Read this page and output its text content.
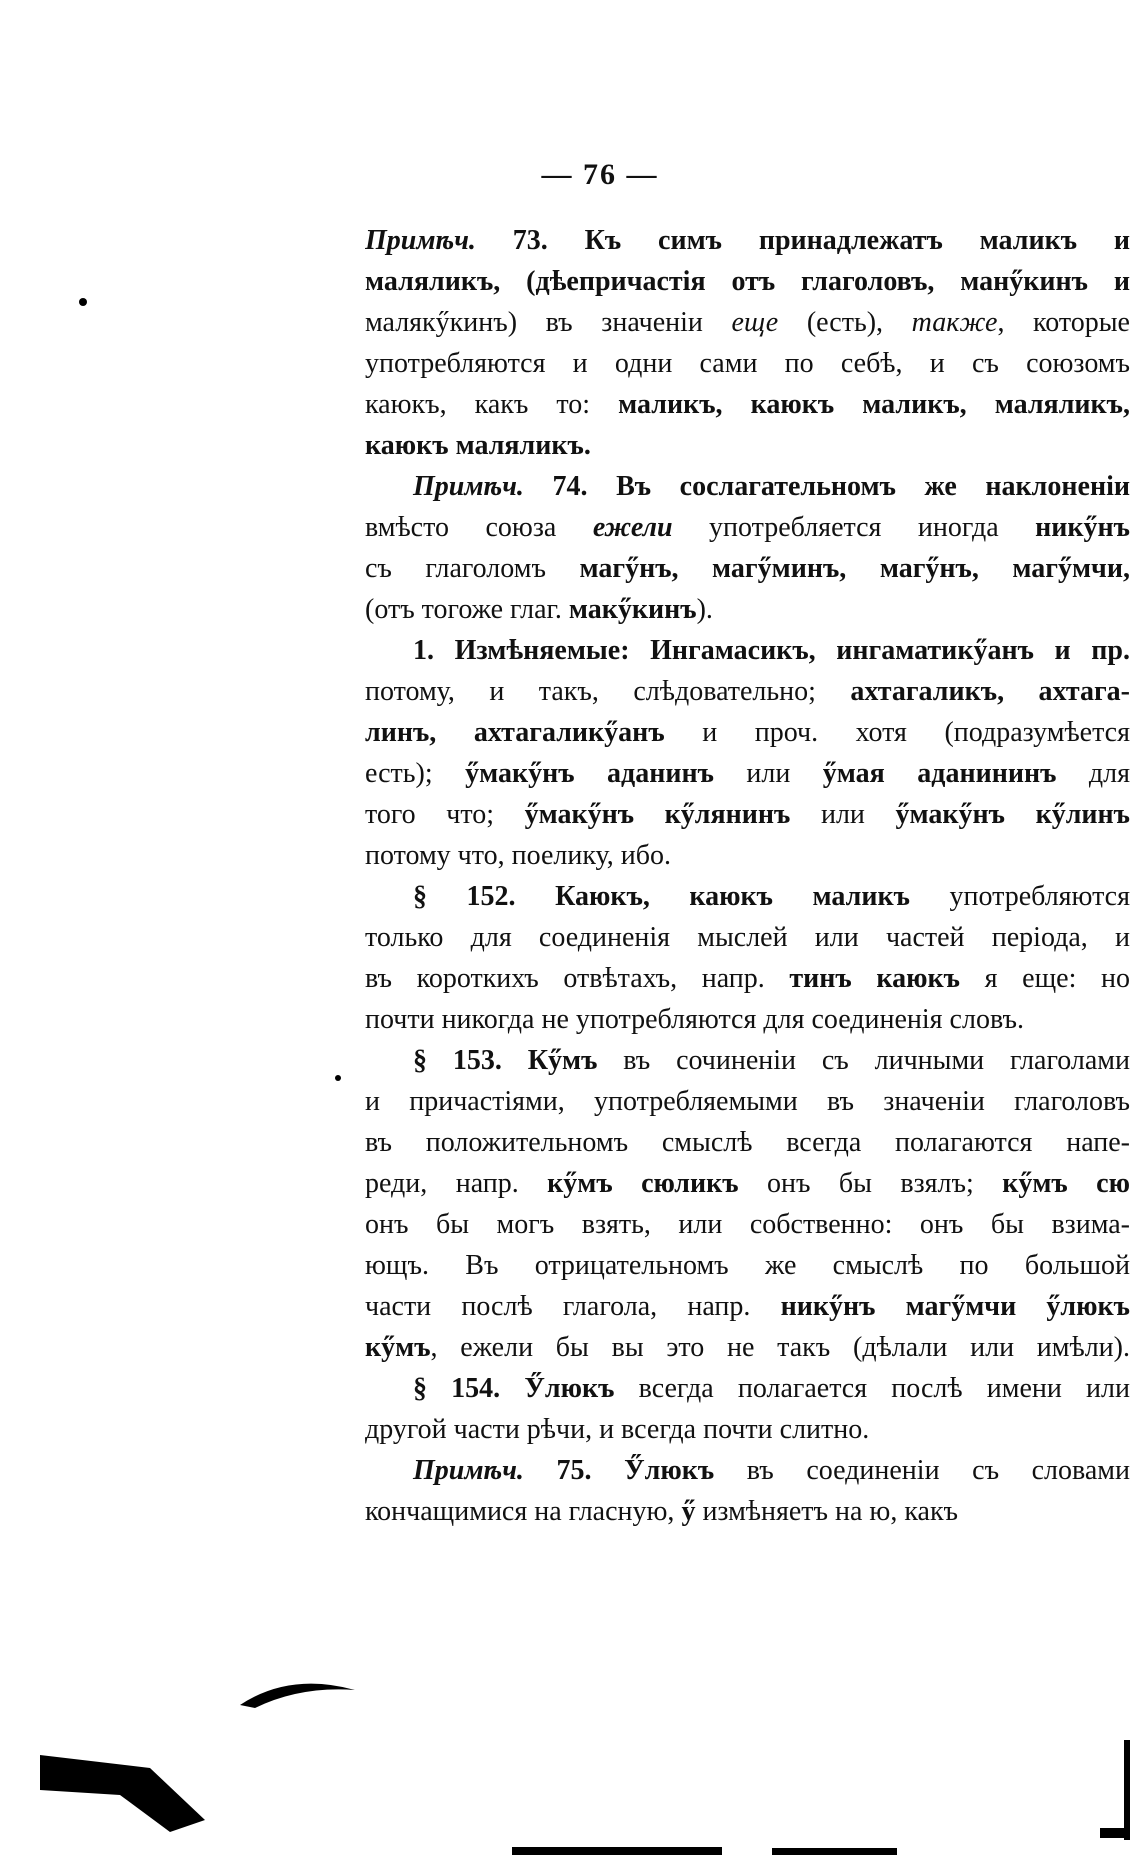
— 76 —
Примѣч. 73. Къ симъ принадлежатъ маликъ и
маляликъ, (дѣепричастія отъ глаголовъ, манӳкинъ и
малякӳкинъ) въ значеніи еще (есть), также, которые
употребляются и одни сами по себѣ, и съ союзомъ
каюкъ, какъ то: маликъ, каюкъ маликъ, маляликъ,
каюкъ маляликъ.
Примѣч. 74. Въ сослагательномъ же наклоненіи
вмѣсто союза ежели употребляется иногда никӳнъ
съ глаголомъ магӳнъ, магӳминъ, магӳнъ, магӳмчи,
(отъ тогоже глаг. макӳкинъ).
1. Измѣняемые: Ингамасикъ, ингаматикӳанъ и пр.
потому, и такъ, слѣдовательно; ахтагаликъ, ахтага-
линъ, ахтагаликӳанъ и проч. хотя (подразумѣется
есть); ӳмакӳнъ аданинъ или ӳмая аданининъ для
того что; ӳмакӳнъ кӳлянинъ или ӳмакӳнъ кӳлинъ
потому что, поелику, ибо.
§ 152. Каюкъ, каюкъ маликъ употребляются
только для соединенія мыслей или частей періода, и
въ короткихъ отвѣтахъ, напр. тинъ каюкъ я еще: но
почти никогда не употребляются для соединенія словъ.
§ 153. Кӳмъ въ сочиненіи съ личными глаголами
и причастіями, употребляемыми въ значеніи глаголовъ
въ положительномъ смыслѣ всегда полагаются напе-
реди, напр. кӳмъ сюликъ онъ бы взялъ; кӳмъ сю
онъ бы могъ взять, или собственно: онъ бы взима-
ющъ. Въ отрицательномъ же смыслѣ по большой
части послѣ глагола, напр. никӳнъ магӳмчи ӳлюкъ
кӳмъ, ежели бы вы это не такъ (дѣлали или имѣли).
§ 154. Ӳлюкъ всегда полагается послѣ имени или
другой части рѣчи, и всегда почти слитно.
Примѣч. 75. Ӳлюкъ въ соединеніи съ словами
кончащимися на гласную, ӳ измѣняетъ на ю, какъ
